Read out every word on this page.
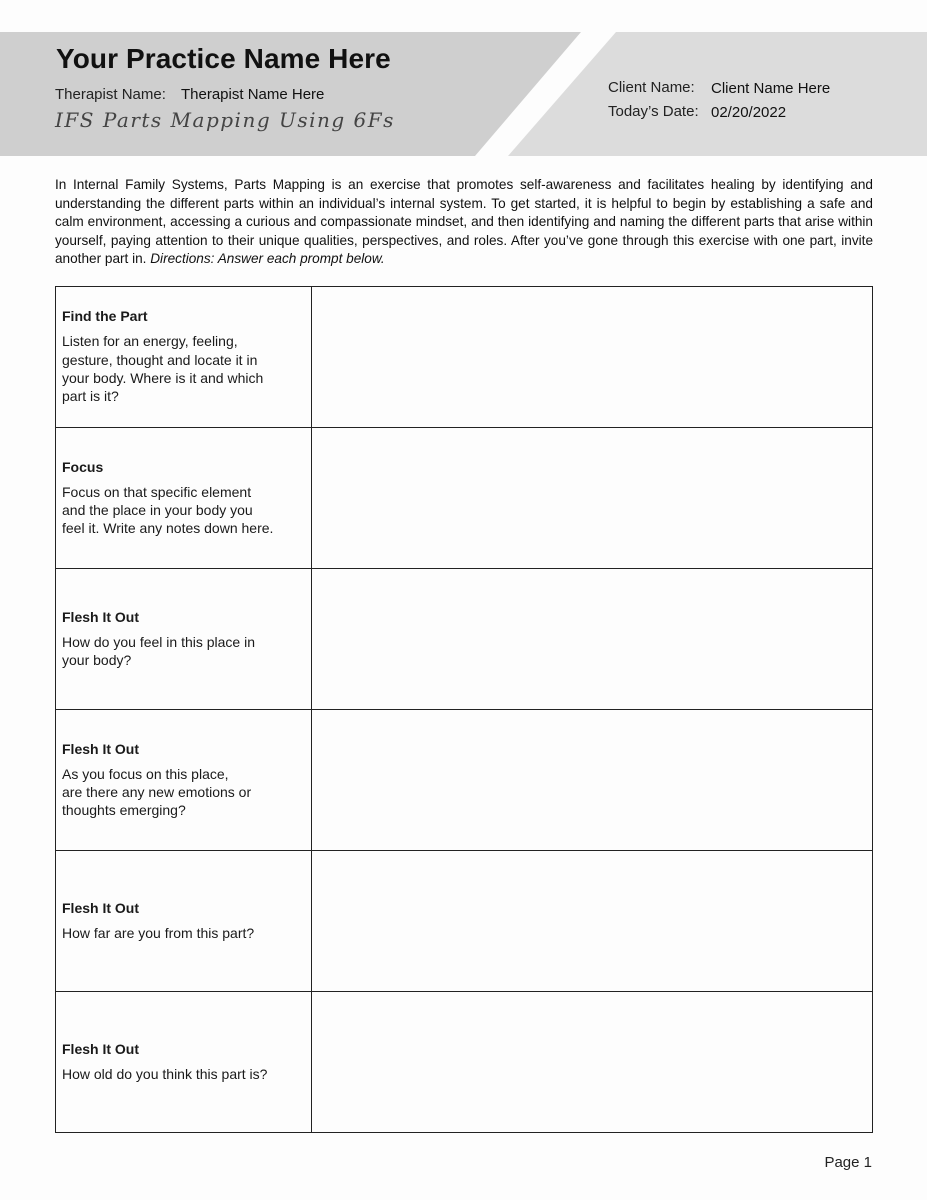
Your Practice Name Here
Therapist Name: Therapist Name Here
IFS Parts Mapping Using 6Fs
Client Name: Client Name Here
Today’s Date: 02/20/2022
In Internal Family Systems, Parts Mapping is an exercise that promotes self-awareness and facilitates healing by identifying and understanding the different parts within an individual’s internal system. To get started, it is helpful to begin by establishing a safe and calm environment, accessing a curious and compassionate mindset, and then identifying and naming the different parts that arise within yourself, paying attention to their unique qualities, perspectives, and roles. After you’ve gone through this exercise with one part, invite another part in. Directions: Answer each prompt below.
Find the Part
Listen for an energy, feeling,
gesture, thought and locate it in
your body. Where is it and which
part is it?	

Focus
Focus on that specific element
and the place in your body you
feel it. Write any notes down here.	

Flesh It Out
How do you feel in this place in
your body?	

Flesh It Out
As you focus on this place,
are there any new emotions or
thoughts emerging?	

Flesh It Out
How far are you from this part?	

Flesh It Out
How old do you think this part is?	

Page 1
